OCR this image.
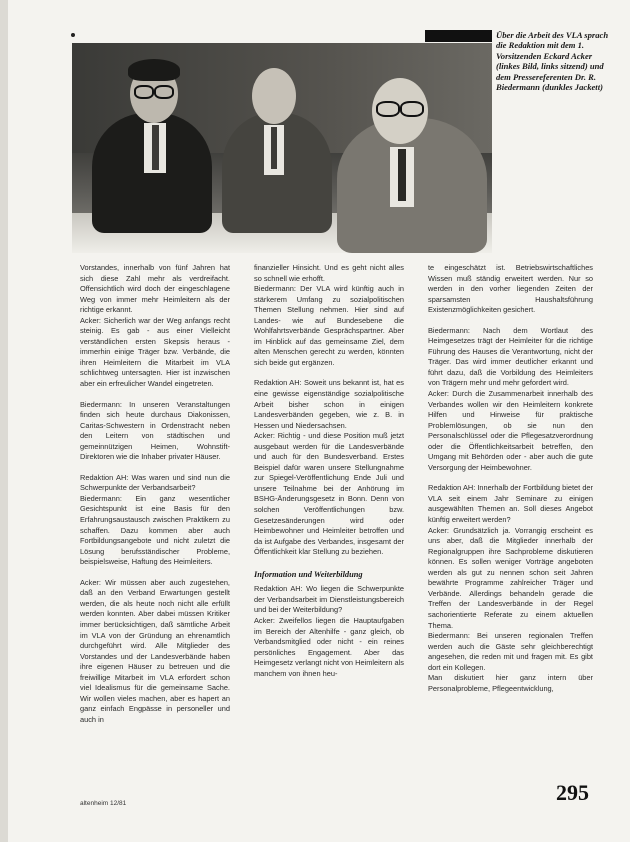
Über die Arbeit des VLA sprach die Redaktion mit dem 1. Vorsitzenden Eckard Acker (linkes Bild, links sitzend) und dem Pressereferenten Dr. R. Biedermann (dunkles Jackett)

Vorstandes, innerhalb von fünf Jahren hat sich diese Zahl mehr als verdreifacht. Offensichtlich wird doch der eingeschlagene Weg von immer mehr Heimleitern als der richtige erkannt.

Acker: Sicherlich war der Weg anfangs recht steinig. Es gab - aus einer Vielleicht verständlichen ersten Skepsis heraus - immerhin einige Träger bzw. Verbände, die ihren Heimleitern die Mitarbeit im VLA schlichtweg untersagten. Hier ist inzwischen aber ein erfreulicher Wandel eingetreten.

Biedermann: In unseren Veranstaltungen finden sich heute durchaus Diakonissen, Caritas-Schwestern in Ordenstracht neben den Leitern von städtischen und gemeinnützigen Heimen, Wohnstift-Direktoren wie die Inhaber privater Häuser.

Redaktion AH: Was waren und sind nun die Schwerpunkte der Verbandsarbeit?

Biedermann: Ein ganz wesentlicher Gesichtspunkt ist eine Basis für den Erfahrungsaustausch zwischen Praktikern zu schaffen. Dazu kommen aber auch Fortbildungsangebote und nicht zuletzt die Lösung berufsständischer Probleme, beispielsweise, Haftung des Heimleiters.

Acker: Wir müssen aber auch zugestehen, daß an den Verband Erwartungen gestellt werden, die als heute noch nicht alle erfüllt werden konnten. Aber dabei müssen Kritiker immer berücksichtigen, daß sämtliche Arbeit im VLA von der Gründung an ehrenamtlich durchgeführt wird. Alle Mitglieder des Vorstandes und der Landesverbände haben ihre eigenen Häuser zu betreuen und die freiwillige Mitarbeit im VLA erfordert schon viel Idealismus für die gemeinsame Sache. Wir wollen vieles machen, aber es hapert an ganz einfach Engpässe in personeller und auch in

finanzieller Hinsicht. Und es geht nicht alles so schnell wie erhofft.

Biedermann: Der VLA wird künftig auch in stärkerem Umfang zu sozialpolitischen Themen Stellung nehmen. Hier sind auf Landes- wie auf Bundesebene die Wohlfahrtsverbände Gesprächspartner. Aber im Hinblick auf das gemeinsame Ziel, dem alten Menschen gerecht zu werden, könnten sich beide gut ergänzen.

Redaktion AH: Soweit uns bekannt ist, hat es eine gewisse eigenständige sozialpolitische Arbeit bisher schon in einigen Landesverbänden gegeben, wie z. B. in Hessen und Niedersachsen.

Acker: Richtig - und diese Position muß jetzt ausgebaut werden für die Landesverbände und auch für den Bundesverband. Erstes Beispiel dafür waren unsere Stellungnahme zur Spiegel-Veröffentlichung Ende Juli und unsere Teilnahme bei der Anhörung im BSHG-Änderungsgesetz in Bonn. Denn von solchen Veröffentlichungen bzw. Gesetzesänderungen wird oder Heimbewohner und Heimleiter betroffen und da ist Aufgabe des Verbandes, insgesamt der Öffentlichkeit klar Stellung zu beziehen.

Information und Weiterbildung

Redaktion AH: Wo liegen die Schwerpunkte der Verbandsarbeit im Dienstleistungsbereich und bei der Weiterbildung?

Acker: Zweifellos liegen die Hauptaufgaben im Bereich der Altenhilfe - ganz gleich, ob Verbandsmitglied oder nicht - ein reines persönliches Engagement. Aber das Heimgesetz verlangt nicht von Heimleitern als manchem von ihnen heu-

te eingeschätzt ist. Betriebswirtschaftliches Wissen muß ständig erweitert werden. Nur so werden in den vorher liegenden Zeiten der sparsamsten Haushaltsführung Existenzmöglichkeiten gesichert.

Biedermann: Nach dem Wortlaut des Heimgesetzes trägt der Heimleiter für die richtige Führung des Hauses die Verantwortung, nicht der Träger. Das wird immer deutlicher erkannt und führt dazu, daß die Vorbildung des Heimleiters von Trägern mehr und mehr gefordert wird.

Acker: Durch die Zusammenarbeit innerhalb des Verbandes wollen wir den Heimleitern konkrete Hilfen und Hinweise für praktische Problemlösungen, ob sie nun den Personalschlüssel oder die Pflegesatzverordnung oder die Öffentlichkeitsarbeit betreffen, den Umgang mit Behörden oder - aber auch die gute Versorgung der Heimbewohner.

Redaktion AH: Innerhalb der Fortbildung bietet der VLA seit einem Jahr Seminare zu einigen ausgewählten Themen an. Soll dieses Angebot künftig erweitert werden?

Acker: Grundsätzlich ja. Vorrangig erscheint es uns aber, daß die Mitglieder innerhalb der Regionalgruppen ihre Sachprobleme diskutieren können. Es sollen weniger Vorträge angeboten werden als gut zu nennen schon seit Jahren bewährte Programme zahlreicher Träger und Verbände. Allerdings behandeln gerade die Treffen der Landesverbände in der Regel sachorientierte Referate zu einem aktuellen Thema.

Biedermann: Bei unseren regionalen Treffen werden auch die Gäste sehr gleichberechtigt angesehen, die reden mit und fragen mit. Es gibt dort ein Kollegen.

Man diskutiert hier ganz intern über Personalprobleme, Pflegeentwicklung,

altenheim 12/81	295
